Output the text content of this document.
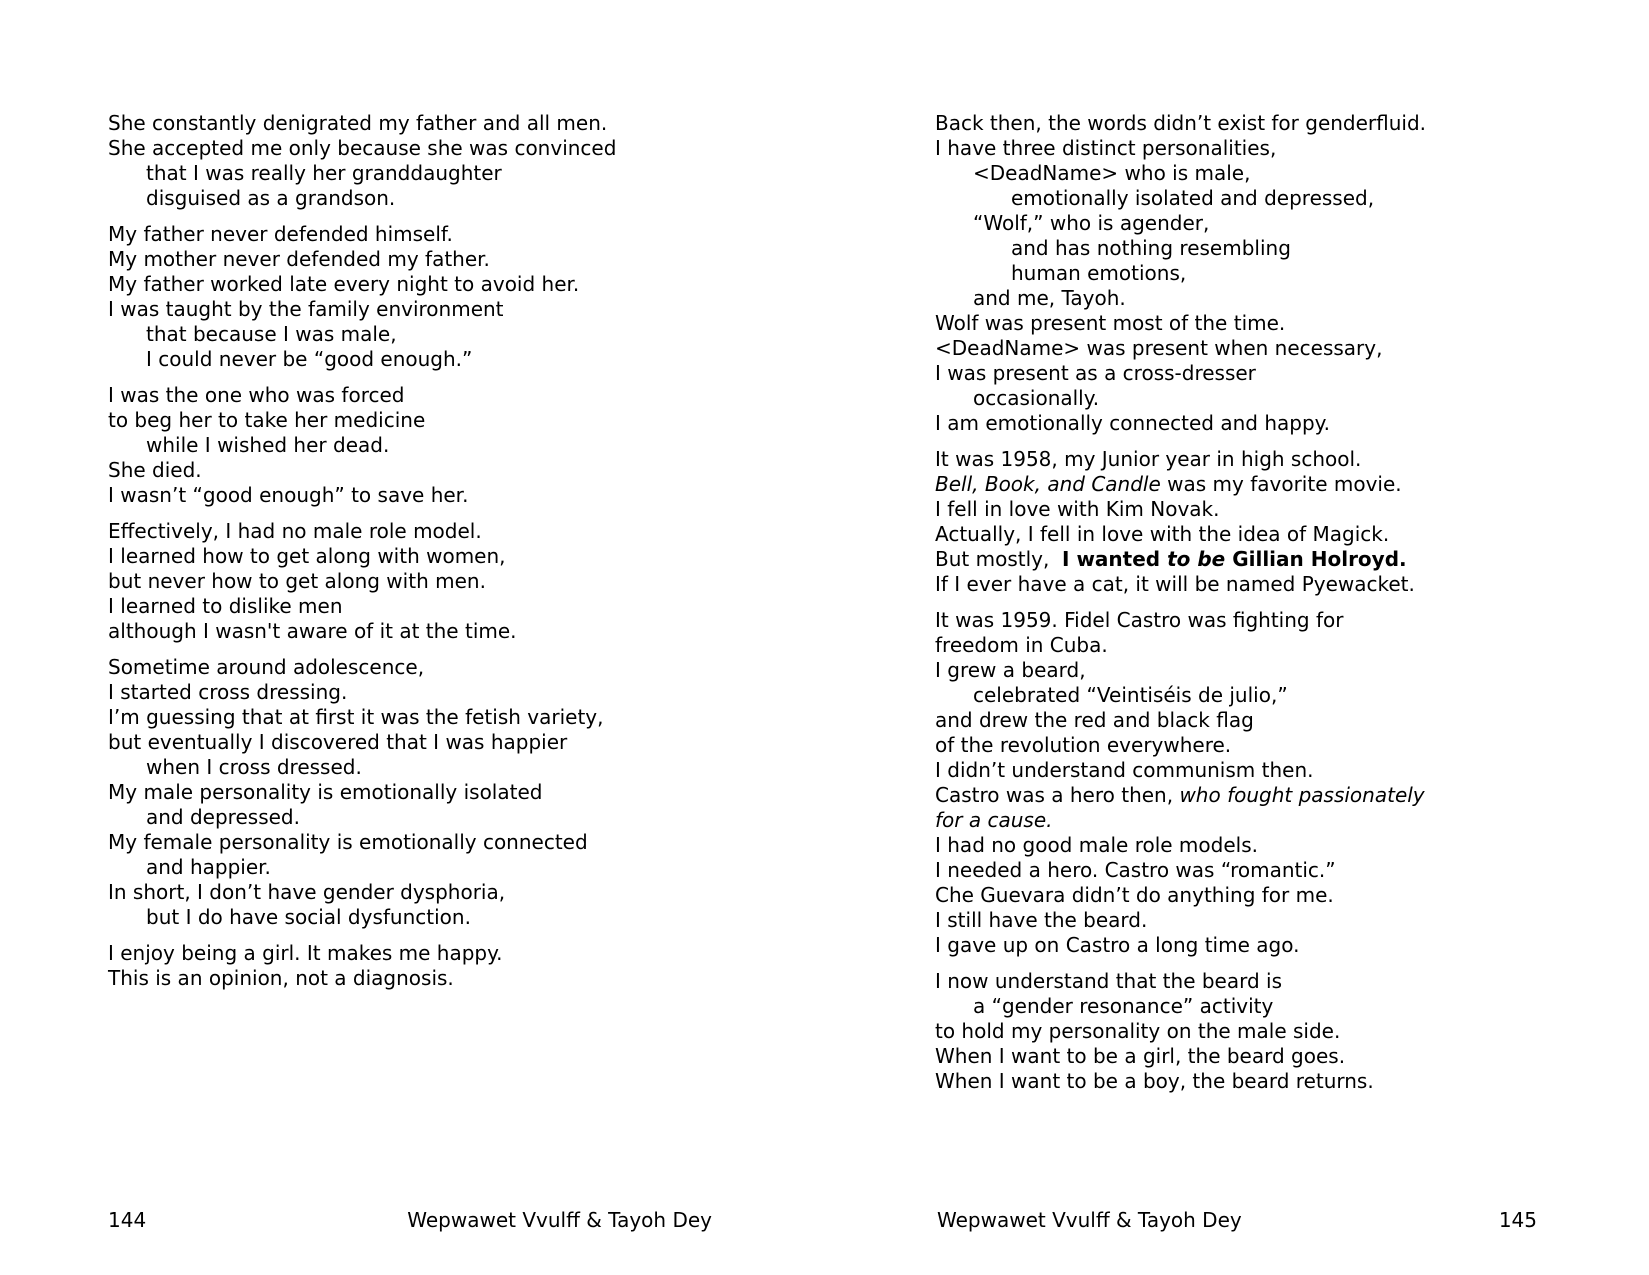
She constantly denigrated my father and all men.
She accepted me only because she was convinced
that I was really her granddaughter
disguised as a grandson.
My father never defended himself.
My mother never defended my father.
My father worked late every night to avoid her.
I was taught by the family environment
that because I was male,
I could never be “good enough.”
I was the one who was forced
to beg her to take her medicine
while I wished her dead.
She died.
I wasn’t “good enough” to save her.
Effectively, I had no male role model.
I learned how to get along with women,
but never how to get along with men.
I learned to dislike men
although I wasn't aware of it at the time.
Sometime around adolescence,
I started cross dressing.
I’m guessing that at first it was the fetish variety,
but eventually I discovered that I was happier
when I cross dressed.
My male personality is emotionally isolated
and depressed.
My female personality is emotionally connected
and happier.
In short, I don’t have gender dysphoria,
but I do have social dysfunction.
I enjoy being a girl. It makes me happy.
This is an opinion, not a diagnosis.
144	Wepwawet Vvulff & Tayoh Dey
Back then, the words didn’t exist for genderfluid.
I have three distinct personalities,
<DeadName> who is male,
emotionally isolated and depressed,
“Wolf,” who is agender,
and has nothing resembling
human emotions,
and me, Tayoh.
Wolf was present most of the time.
<DeadName> was present when necessary,
I was present as a cross-dresser
occasionally.
I am emotionally connected and happy.
It was 1958, my Junior year in high school.
Bell, Book, and Candle was my favorite movie.
I fell in love with Kim Novak.
Actually, I fell in love with the idea of Magick.
But mostly,  I wanted to be Gillian Holroyd.
If I ever have a cat, it will be named Pyewacket.
It was 1959. Fidel Castro was fighting for
freedom in Cuba.
I grew a beard,
celebrated “Veintiséis de julio,”
and drew the red and black flag
of the revolution everywhere.
I didn’t understand communism then.
Castro was a hero then, who fought passionately
for a cause.
I had no good male role models.
I needed a hero. Castro was “romantic.”
Che Guevara didn’t do anything for me.
I still have the beard.
I gave up on Castro a long time ago.
I now understand that the beard is
a “gender resonance” activity
to hold my personality on the male side.
When I want to be a girl, the beard goes.
When I want to be a boy, the beard returns.
Wepwawet Vvulff & Tayoh Dey	145
